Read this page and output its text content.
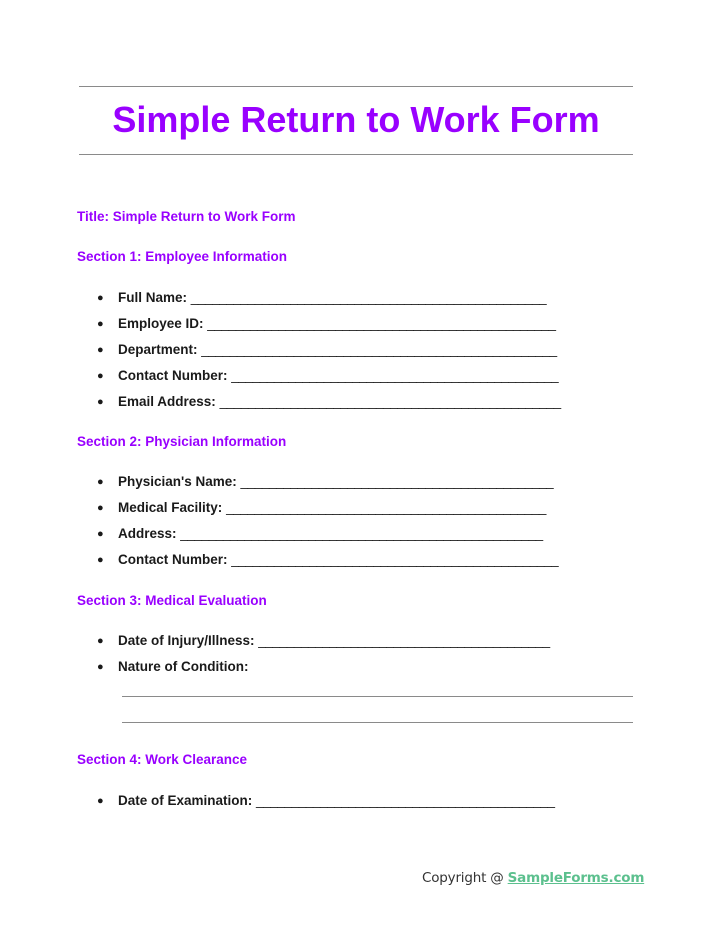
Simple Return to Work Form
Title: Simple Return to Work Form
Section 1: Employee Information
● Full Name: __________________________________________________
● Employee ID: _________________________________________________
● Department: __________________________________________________
● Contact Number: ______________________________________________
● Email Address: ________________________________________________
Section 2: Physician Information
● Physician's Name: ____________________________________________
● Medical Facility: _____________________________________________
● Address: ___________________________________________________
● Contact Number: ______________________________________________
Section 3: Medical Evaluation
● Date of Injury/Illness: _________________________________________
● Nature of Condition:
Section 4: Work Clearance
● Date of Examination: __________________________________________
Copyright @ SampleForms.com
